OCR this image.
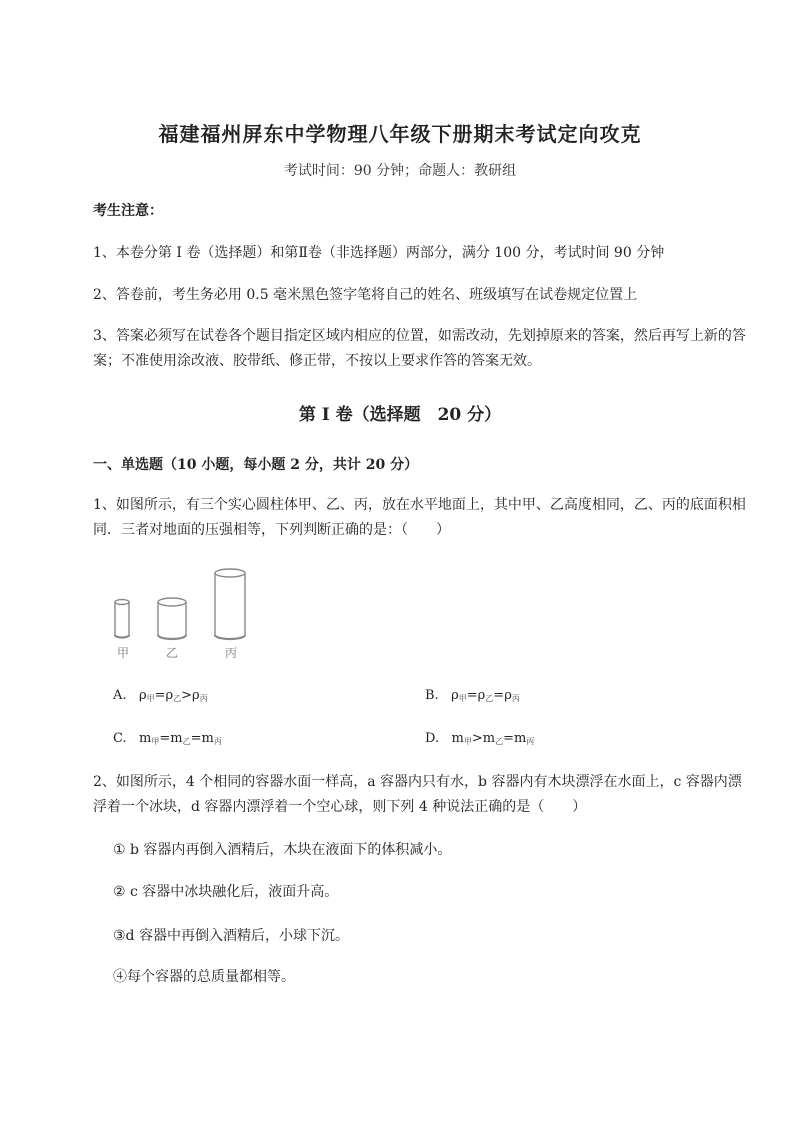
福建福州屏东中学物理八年级下册期末考试定向攻克
考试时间：90 分钟；命题人：教研组
考生注意：
1、本卷分第 I 卷（选择题）和第Ⅱ卷（非选择题）两部分，满分 100 分，考试时间 90 分钟
2、答卷前，考生务必用 0.5 毫米黑色签字笔将自己的姓名、班级填写在试卷规定位置上
3、答案必须写在试卷各个题目指定区域内相应的位置，如需改动，先划掉原来的答案，然后再写上新的答案；不准使用涂改液、胶带纸、修正带，不按以上要求作答的答案无效。
第 I 卷（选择题　20 分）
一、单选题（10 小题，每小题 2 分，共计 20 分）
1、如图所示，有三个实心圆柱体甲、乙、丙，放在水平地面上，其中甲、乙高度相同，乙、丙的底面积相同．三者对地面的压强相等，下列判断正确的是：（　　）
甲	乙	丙
A. $\rho_甲=\rho_乙>\rho_丙$	B. $\rho_甲=\rho_乙=\rho_丙$
C. $m_甲=m_乙=m_丙$	D. $m_甲>m_乙=m_丙$
2、如图所示，4 个相同的容器水面一样高，a 容器内只有水，b 容器内有木块漂浮在水面上，c 容器内漂浮着一个冰块，d 容器内漂浮着一个空心球，则下列 4 种说法正确的是（　　）
① b 容器内再倒入酒精后，木块在液面下的体积减小。
② c 容器中冰块融化后，液面升高。
③d 容器中再倒入酒精后，小球下沉。
④每个容器的总质量都相等。
